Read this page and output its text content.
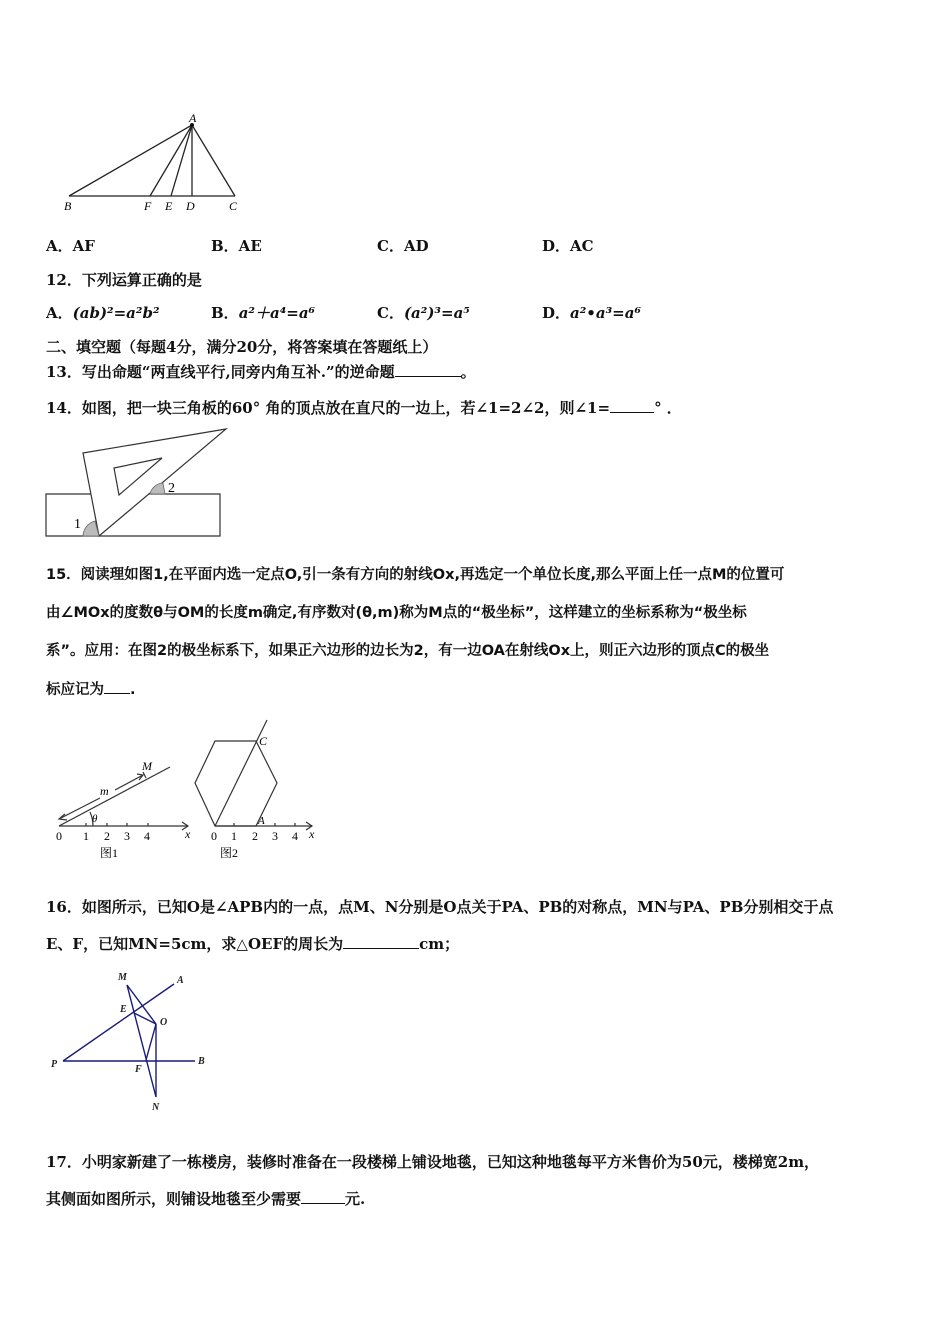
A
B	F E D	C
A．AF	B．AE	C．AD	D．AC
12．下列运算正确的是
A．(ab)²=a²b²	B．a²＋a⁴=a⁶	C．(a²)³=a⁵	D．a²•a³=a⁶
二、填空题（每题4分，满分20分，将答案填在答题纸上）
13．写出命题“两直线平行,同旁内角互补.”的逆命题	。
14．如图，把一块三角板的60° 角的顶点放在直尺的一边上，若∠1=2∠2，则∠1=	° ．
1
2
15．阅读理如图1,在平面内选一定点O,引一条有方向的射线Ox,再选定一个单位长度,那么平面上任一点M的位置可
由∠MOx的度数θ与OM的长度m确定,有序数对(θ,m)称为M点的“极坐标”，这样建立的坐标系称为“极坐标
系”。应用：在图2的极坐标系下，如果正六边形的边长为2，有一边OA在射线Ox上，则正六边形的顶点C的极坐
标应记为 .
M
m
θ
0 1 2 3 4	x
图1
C
A
0 1 2 3 4 x
图2
16．如图所示，已知O是∠APB内的一点，点M、N分别是O点关于PA、PB的对称点，MN与PA、PB分别相交于点
E、F，已知MN=5cm，求△OEF的周长为	cm；
M	A
E
O
P	F
B
N
17．小明家新建了一栋楼房，装修时准备在一段楼梯上铺设地毯，已知这种地毯每平方米售价为50元，楼梯宽2m，
其侧面如图所示，则铺设地毯至少需要	元.
